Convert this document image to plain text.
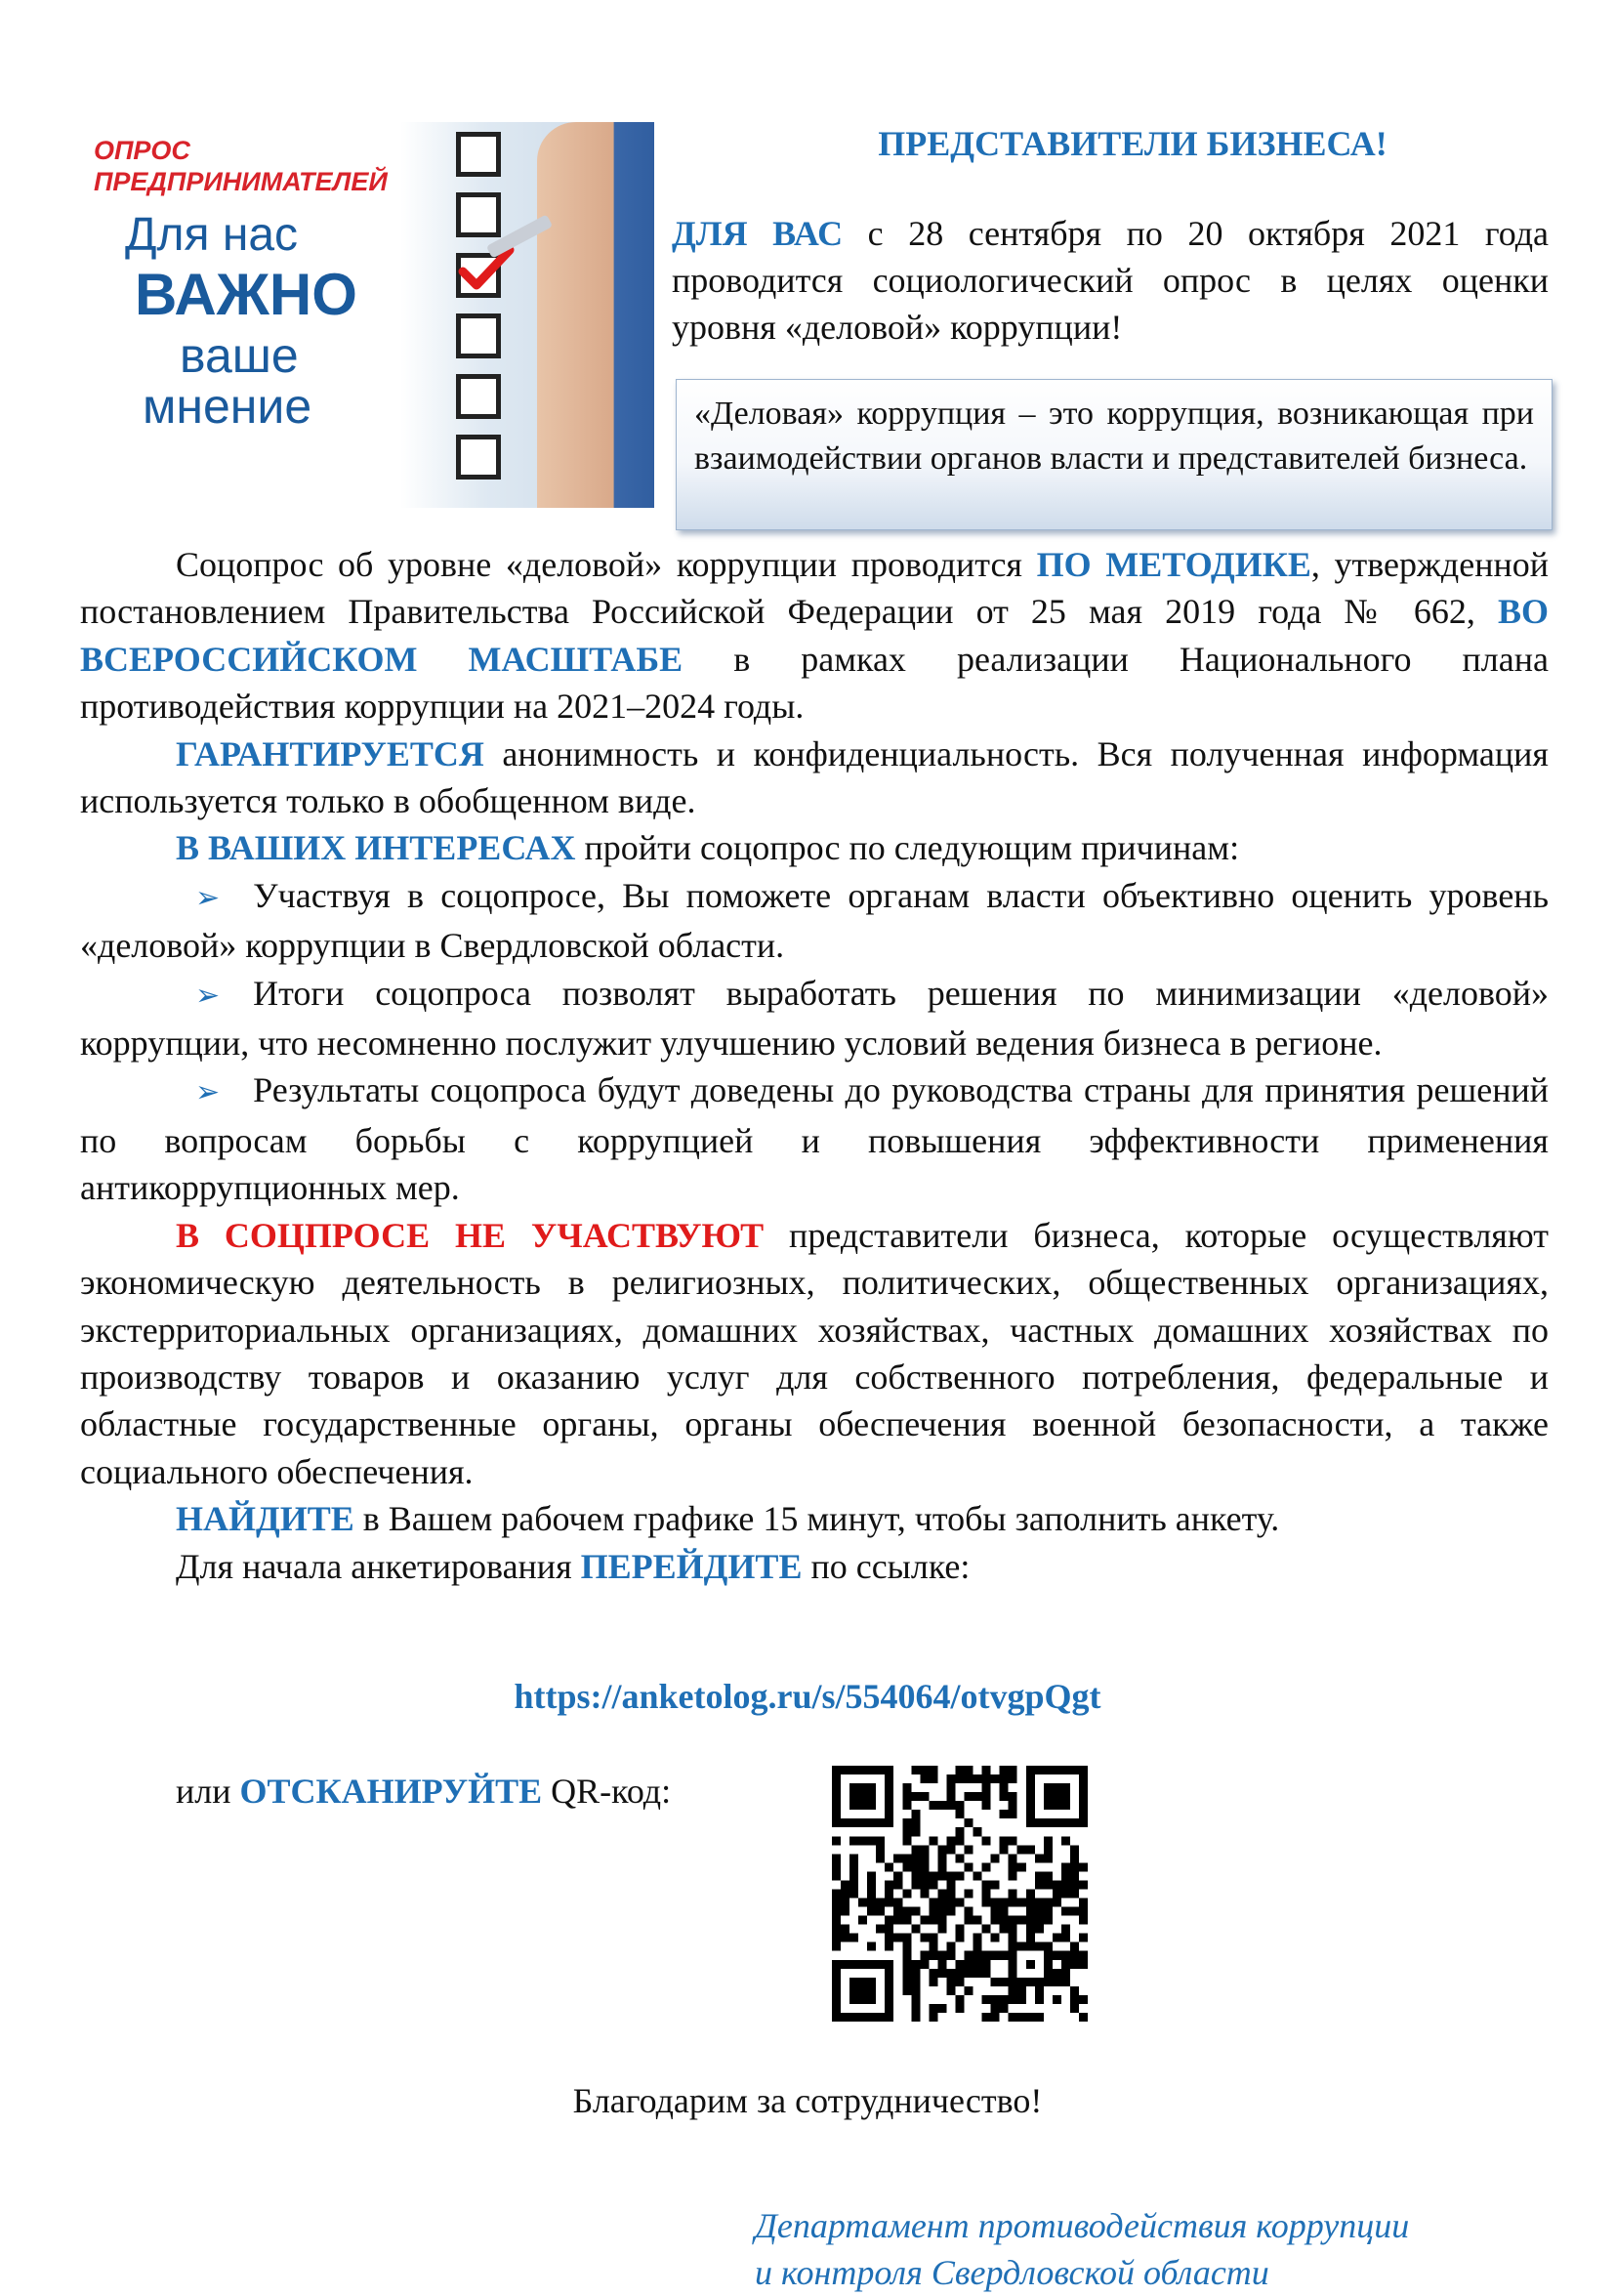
ОПРОС
ПРЕДПРИНИМАТЕЛЕЙ
Для нас
ВАЖНО
ваше
мнение
ПРЕДСТАВИТЕЛИ БИЗНЕСА!
ДЛЯ ВАС с 28 сентября по 20 октября 2021 года проводится социологический опрос в целях оценки уровня «деловой» коррупции!
«Деловая» коррупция – это коррупция, возникающая при взаимодействии органов власти и представителей бизнеса.

Соцопрос об уровне «деловой» коррупции проводится ПО МЕТОДИКЕ, утвержденной постановлением Правительства Российской Федерации от 25 мая 2019 года № 662, ВО ВСЕРОССИЙСКОМ МАСШТАБЕ в рамках реализации Национального плана противодействия коррупции на 2021–2024 годы.

ГАРАНТИРУЕТСЯ анонимность и конфиденциальность. Вся полученная информация используется только в обобщенном виде.

В ВАШИХ ИНТЕРЕСАХ пройти соцопрос по следующим причинам:

➢ Участвуя в соцопросе, Вы поможете органам власти объективно оценить уровень «деловой» коррупции в Свердловской области.

➢ Итоги соцопроса позволят выработать решения по минимизации «деловой» коррупции, что несомненно послужит улучшению условий ведения бизнеса в регионе.

➢ Результаты соцопроса будут доведены до руководства страны для принятия решений по вопросам борьбы с коррупцией и повышения эффективности применения антикоррупционных мер.

В СОЦПРОСЕ НЕ УЧАСТВУЮТ представители бизнеса, которые осуществляют экономическую деятельность в религиозных, политических, общественных организациях, экстерриториальных организациях, домашних хозяйствах, частных домашних хозяйствах по производству товаров и оказанию услуг для собственного потребления, федеральные и областные государственные органы, органы обеспечения военной безопасности, а также социального обеспечения.

НАЙДИТЕ в Вашем рабочем графике 15 минут, чтобы заполнить анкету.

Для начала анкетирования ПЕРЕЙДИТЕ по ссылке:

https://anketolog.ru/s/554064/otvgpQgt
или ОТСКАНИРУЙТЕ QR-код:
Благодарим за сотрудничество!
Департамент противодействия коррупции
и контроля Свердловской области
